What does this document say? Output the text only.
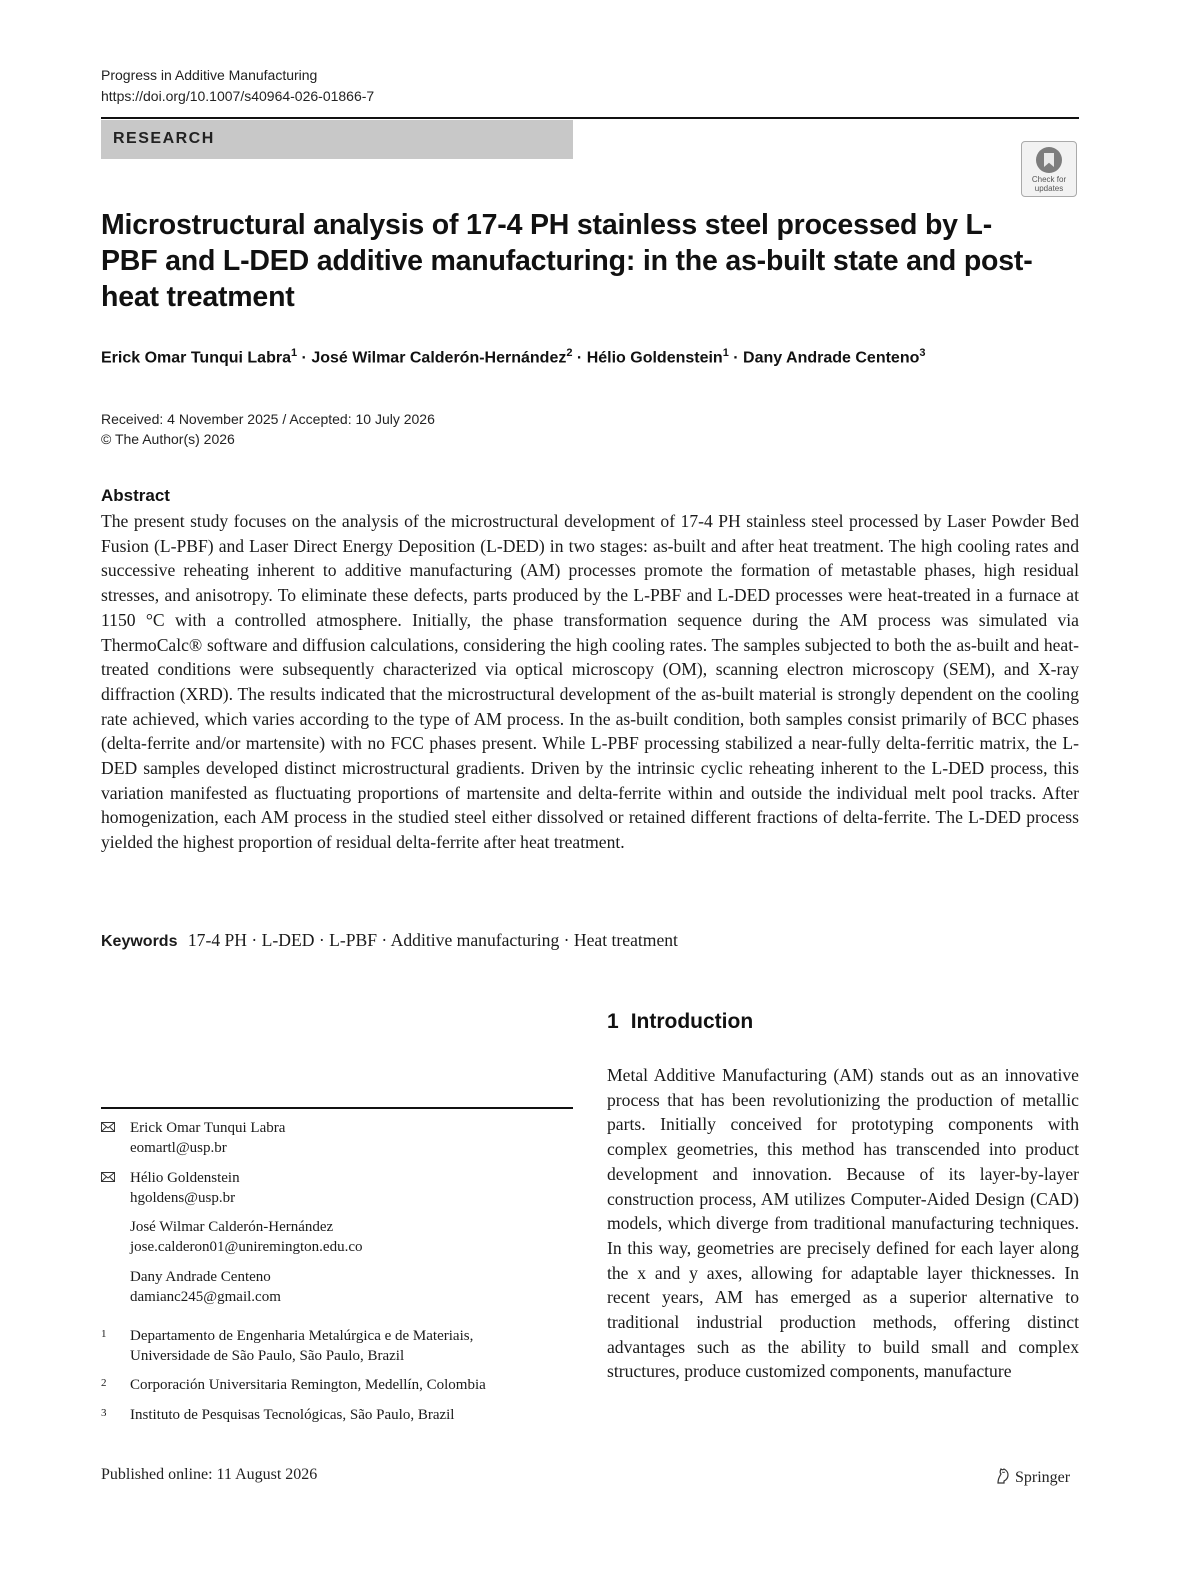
Progress in Additive Manufacturing
https://doi.org/10.1007/s40964-026-01866-7
RESEARCH
Check for
updates
Microstructural analysis of 17-4 PH stainless steel processed by L-PBF and L-DED additive manufacturing: in the as-built state and post-heat treatment
Erick Omar Tunqui Labra$^1$ · José Wilmar Calderón-Hernández$^2$ · Hélio Goldenstein$^1$ · Dany Andrade Centeno$^3$
Received: 4 November 2025 / Accepted: 10 July 2026
© The Author(s) 2026
Abstract
The present study focuses on the analysis of the microstructural development of 17-4 PH stainless steel processed by Laser Powder Bed Fusion (L-PBF) and Laser Direct Energy Deposition (L-DED) in two stages: as-built and after heat treatment. The high cooling rates and successive reheating inherent to additive manufacturing (AM) processes promote the formation of metastable phases, high residual stresses, and anisotropy. To eliminate these defects, parts produced by the L-PBF and L-DED processes were heat-treated in a furnace at 1150 °C with a controlled atmosphere. Initially, the phase transformation sequence during the AM process was simulated via ThermoCalc® software and diffusion calculations, considering the high cooling rates. The samples subjected to both the as-built and heat-treated conditions were subsequently characterized via optical microscopy (OM), scanning electron microscopy (SEM), and X-ray diffraction (XRD). The results indicated that the microstructural development of the as-built material is strongly dependent on the cooling rate achieved, which varies according to the type of AM process. In the as-built condition, both samples consist primarily of BCC phases (delta-ferrite and/or martensite) with no FCC phases present. While L-PBF processing stabilized a near-fully delta-ferritic matrix, the L-DED samples developed distinct microstructural gradients. Driven by the intrinsic cyclic reheating inherent to the L-DED process, this variation manifested as fluctuating proportions of martensite and delta-ferrite within and outside the individual melt pool tracks. After homogenization, each AM process in the studied steel either dissolved or retained different fractions of delta-ferrite. The L-DED process yielded the highest proportion of residual delta-ferrite after heat treatment.
Keywords 17-4 PH · L-DED · L-PBF · Additive manufacturing · Heat treatment
1 Introduction
Metal Additive Manufacturing (AM) stands out as an innovative process that has been revolutionizing the production of metallic parts. Initially conceived for prototyping components with complex geometries, this method has transcended into product development and innovation. Because of its layer-by-layer construction process, AM utilizes Computer-Aided Design (CAD) models, which diverge from traditional manufacturing techniques. In this way, geometries are precisely defined for each layer along the x and y axes, allowing for adaptable layer thicknesses. In recent years, AM has emerged as a superior alternative to traditional industrial production methods, offering distinct advantages such as the ability to build small and complex structures, produce customized components, manufacture
Erick Omar Tunqui Labra
eomartl@usp.br
Hélio Goldenstein
hgoldens@usp.br
José Wilmar Calderón-Hernández
jose.calderon01@uniremington.edu.co
Dany Andrade Centeno
damianc245@gmail.com
1 Departamento de Engenharia Metalúrgica e de Materiais,
Universidade de São Paulo, São Paulo, Brazil
2 Corporación Universitaria Remington, Medellín, Colombia
3 Instituto de Pesquisas Tecnológicas, São Paulo, Brazil
Published online: 11 August 2026	Springer
